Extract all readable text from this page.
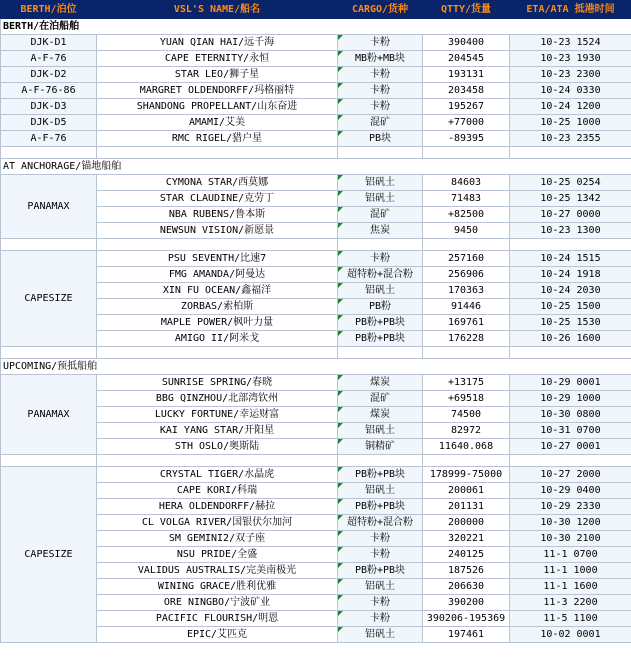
BERTH/泊位	VSL'S NAME/船名	CARGO/货种	QTTY/货量	ETA/ATA 抵港时间
BERTH/在泊船舶				
DJK-D1	YUAN QIAN HAI/远千海	卡粉	390400	10-23 1524
A-F-76	CAPE ETERNITY/永恒	MB粉+MB块	204545	10-23 1930
DJK-D2	STAR LEO/狮子星	卡粉	193131	10-23 2300
A-F-76-86	MARGRET OLDENDORFF/玛格丽特	卡粉	203458	10-24 0330
DJK-D3	SHANDONG PROPELLANT/山东奋进	卡粉	195267	10-24 1200
DJK-D5	AMAMI/艾美	混矿	+77000	10-25 1000
A-F-76	RMC RIGEL/猎户星	PB块	-89395	10-23 2355

AT ANCHORAGE/锚地船舶				
PANAMAX	CYMONA STAR/西莫娜	铝矾土	84603	10-25 0254
	STAR CLAUDINE/克劳丁	铝矾土	71483	10-25 1342
	NBA RUBENS/鲁本斯	混矿	+82500	10-27 0000
	NEWSUN VISION/新愿景	焦炭	9450	10-23 1300

CAPESIZE	PSU SEVENTH/比速7	卡粉	257160	10-24 1515
	FMG AMANDA/阿曼达	超特粉+混合粉	256906	10-24 1918
	XIN FU OCEAN/鑫福洋	铝矾土	170363	10-24 2030
	ZORBAS/索柏斯	PB粉	91446	10-25 1500
	MAPLE POWER/枫叶力量	PB粉+PB块	169761	10-25 1530
	AMIGO II/阿米戈	PB粉+PB块	176228	10-26 1600

UPCOMING/预抵船舶				
PANAMAX	SUNRISE SPRING/春晓	煤炭	+13175	10-29 0001
	BBG QINZHOU/北部湾钦州	混矿	+69518	10-29 1000
	LUCKY FORTUNE/幸运财富	煤炭	74500	10-30 0800
	KAI YANG STAR/开阳星	铝矾土	82972	10-31 0700
	STH OSLO/奥斯陆	铜精矿	11640.068	10-27 0001

CAPESIZE	CRYSTAL TIGER/水晶虎	PB粉+PB块	178999-75000	10-27 2000
	CAPE KORI/科瑞	铝矾土	200061	10-29 0400
	HERA OLDENDORFF/赫拉	PB粉+PB块	201131	10-29 2330
	CL VOLGA RIVER/国银伏尔加河	超特粉+混合粉	200000	10-30 1200
	SM GEMINI2/双子座	卡粉	320221	10-30 2100
	NSU PRIDE/全盛	卡粉	240125	11-1 0700
	VALIDUS AUSTRALIS/完美南极光	PB粉+PB块	187526	11-1 1000
	WINING GRACE/胜利优雅	铝矾土	206630	11-1 1600
	ORE NINGBO/宁波矿业	卡粉	390200	11-3 2200
	PACIFIC FLOURISH/明恩	卡粉	390206-195369	11-5 1100
	EPIC/艾匹克	铝矾土	197461	10-02 0001
